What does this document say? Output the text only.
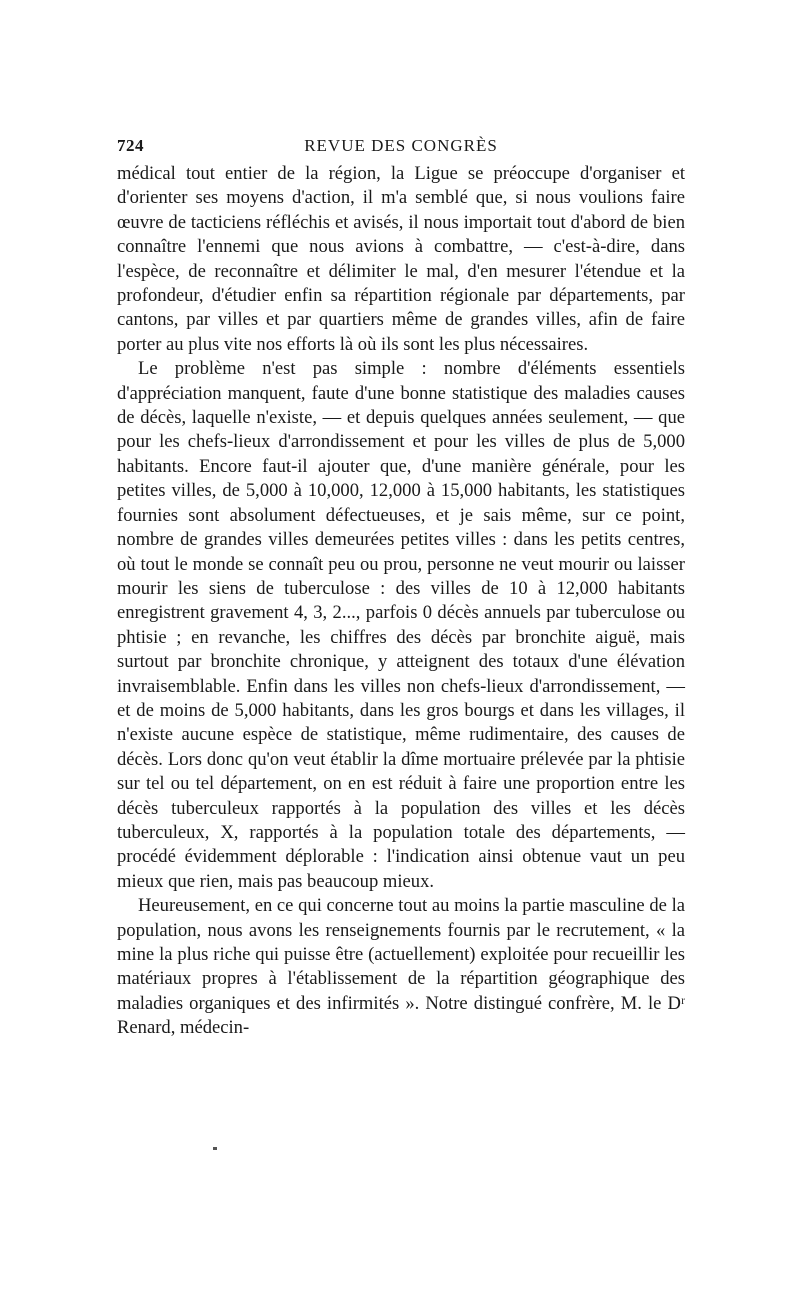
724	REVUE DES CONGRÈS

médical tout entier de la région, la Ligue se préoccupe d'organiser et d'orienter ses moyens d'action, il m'a semblé que, si nous voulions faire œuvre de tacticiens réfléchis et avisés, il nous importait tout d'abord de bien connaître l'ennemi que nous avions à combattre, — c'est-à-dire, dans l'espèce, de reconnaître et délimiter le mal, d'en mesurer l'étendue et la profondeur, d'étudier enfin sa répartition régionale par départements, par cantons, par villes et par quartiers même de grandes villes, afin de faire porter au plus vite nos efforts là où ils sont les plus nécessaires.

Le problème n'est pas simple : nombre d'éléments essentiels d'appréciation manquent, faute d'une bonne statistique des maladies causes de décès, laquelle n'existe, — et depuis quelques années seulement, — que pour les chefs-lieux d'arrondissement et pour les villes de plus de 5,000 habitants. Encore faut-il ajouter que, d'une manière générale, pour les petites villes, de 5,000 à 10,000, 12,000 à 15,000 habitants, les statistiques fournies sont absolument défectueuses, et je sais même, sur ce point, nombre de grandes villes demeurées petites villes : dans les petits centres, où tout le monde se connaît peu ou prou, personne ne veut mourir ou laisser mourir les siens de tuberculose : des villes de 10 à 12,000 habitants enregistrent gravement 4, 3, 2..., parfois 0 décès annuels par tuberculose ou phtisie ; en revanche, les chiffres des décès par bronchite aiguë, mais surtout par bronchite chronique, y atteignent des totaux d'une élévation invraisemblable. Enfin dans les villes non chefs-lieux d'arrondissement, — et de moins de 5,000 habitants, dans les gros bourgs et dans les villages, il n'existe aucune espèce de statistique, même rudimentaire, des causes de décès. Lors donc qu'on veut établir la dîme mortuaire prélevée par la phtisie sur tel ou tel département, on en est réduit à faire une proportion entre les décès tuberculeux rapportés à la population des villes et les décès tuberculeux, X, rapportés à la population totale des départements, — procédé évidemment déplorable : l'indication ainsi obtenue vaut un peu mieux que rien, mais pas beaucoup mieux.

Heureusement, en ce qui concerne tout au moins la partie masculine de la population, nous avons les renseignements fournis par le recrutement, « la mine la plus riche qui puisse être (actuellement) exploitée pour recueillir les matériaux propres à l'établissement de la répartition géographique des maladies organiques et des infirmités ». Notre distingué confrère, M. le Dʳ Renard, médecin-
